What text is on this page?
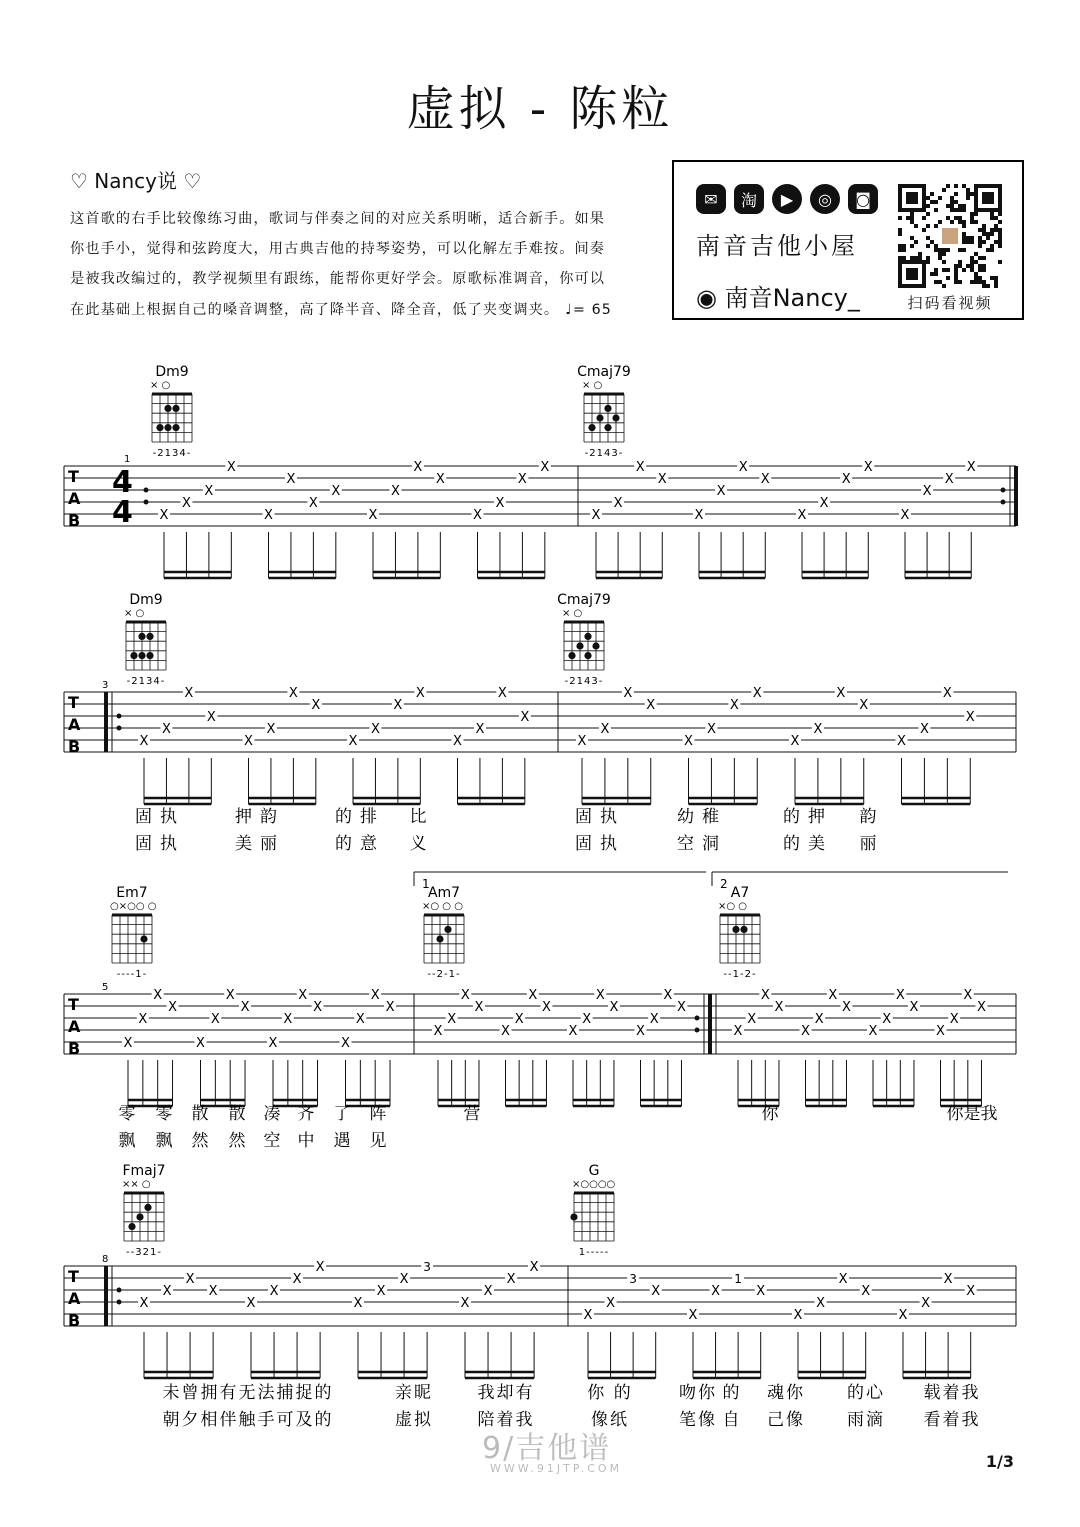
虚拟 - 陈粒
♡ Nancy说 ♡
这首歌的右手比较像练习曲，歌词与伴奏之间的对应关系明晰，适合新手。如果
你也手小，觉得和弦跨度大，用古典吉他的持琴姿势，可以化解左手难按。间奏
是被我改编过的，教学视频里有跟练，能帮你更好学会。原歌标准调音，你可以
在此基础上根据自己的嗓音调整，高了降半音、降全音，低了夹变调夹。 ♩= 65
✉	淘	▶	◎	◙
南音吉他小屋
◉ 南音Nancy_	扫码看视频
T
A
B
1
4
4
Dm9
× ○
-2134-
Cmaj79
× ○
-2143-
X
X
X
X
X
X
X
X
X
X
X
X
X
X
X
X
X
X
X
X
X
X
X
X
X
X
X
X
X
X
X
X
T
A
B
3
Dm9
× ○
-2134-
Cmaj79
× ○
-2143-
X
X
X
X
X
X
X
X
X
X
X
X
X
X
X
X
X
X
X
X
X
X
X
X
X
X
X
X
X
X
X
X
固执	押韵	的排 比	固执	幼稚	的押 韵
固执	美丽	的意 义	固执	空洞	的美 丽
T
A
B
5
1	2
Em7
○×○○ ○
----1-
Am7
×○ ○ ○
--2-1-
A7
×○ ○
--1-2-
X
X
X
X
X
X
X
X
X
X
X
X
X
X
X
X
X
X
X
X
X
X
X
X
X
X
X
X
X
X
X
X
X
X
X
X
X
X
X
X
X
X
X
X
X
X
X
X
零 零 散 散 凑 齐 了 阵	营	你	你是我
飘 飘 然 然 空 中 遇 见
T
A
B
8
Fmaj7
×× ○
--321-
G
×○○○○
1-----
X
X
X
X
X
X
X
X
X
X
X
3
X
X
X
X
X
X
3
X
X
X
1
X
X
X
X
X
X
X
X
X
未曾拥有无法捕捉的	亲昵	我却有	你 的	吻你 的 魂你 的心 载着我
朝夕相伴触手可及的	虚拟	陪着我	像纸	笔像 自 己像 雨滴 看着我
9/吉他谱
WWW.91JTP.COM	1/3
